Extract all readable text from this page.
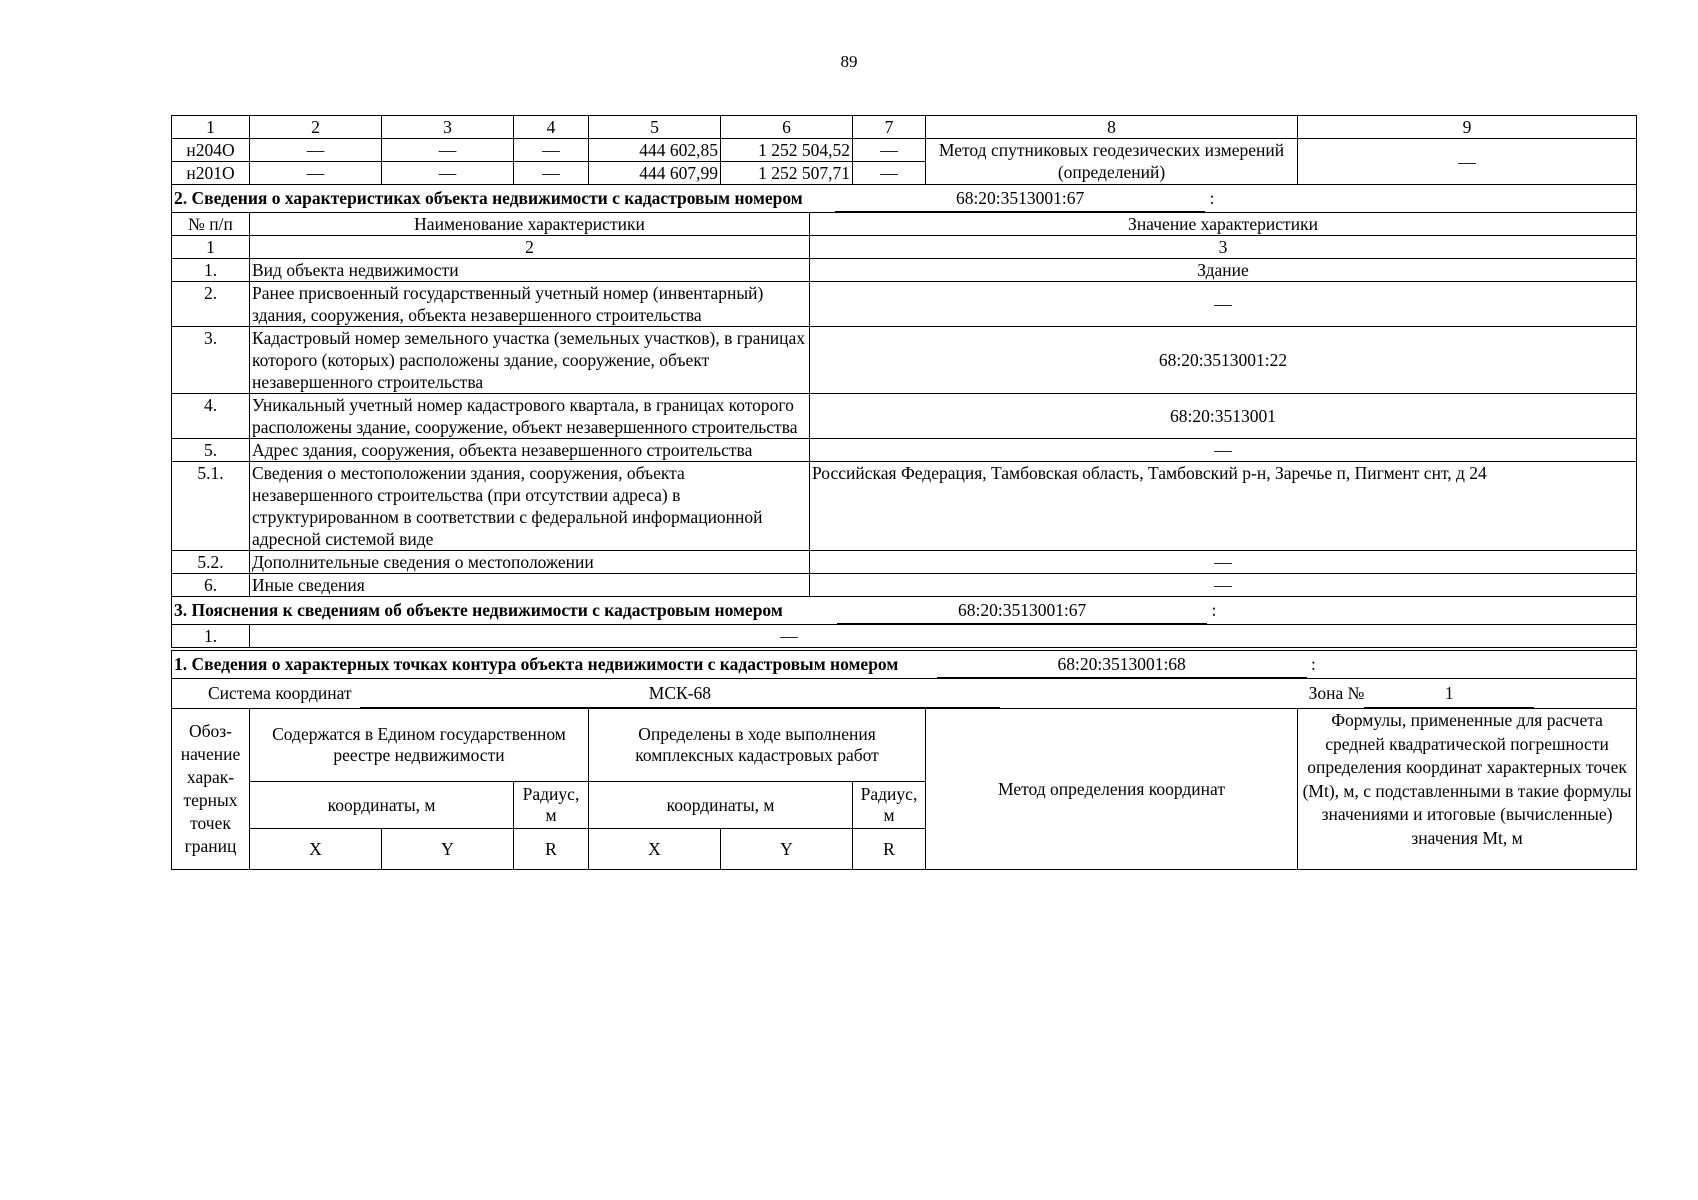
89
1	2	3	4	5	6	7	8	9
н204О	—	—	—	444 602,85	1 252 504,52	—	Метод спутниковых геодезических измерений (определений)	—
н201О	—	—	—	444 607,99	1 252 507,71	—		
2. Сведения о характеристиках объекта недвижимости с кадастровым номером 68:20:3513001:67 :		
№ п/п	Наименование характеристики	Значение характеристики
1	2	3
1.	Вид объекта недвижимости	Здание
2.	Ранее присвоенный государственный учетный номер (инвентарный) здания, сооружения, объекта незавершенного строительства	—
3.	Кадастровый номер земельного участка (земельных участков), в границах которого (которых) расположены здание, сооружение, объект незавершенного строительства	68:20:3513001:22
4.	Уникальный учетный номер кадастрового квартала, в границах которого расположены здание, сооружение, объект незавершенного строительства	68:20:3513001
5.	Адрес здания, сооружения, объекта незавершенного строительства	—
5.1.	Сведения о местоположении здания, сооружения, объекта незавершенного строительства (при отсутствии адреса) в структурированном в соответствии с федеральной информационной адресной системой виде	Российская Федерация, Тамбовская область, Тамбовский р-н, Заречье п, Пигмент снт, д 24
5.2.	Дополнительные сведения о местоположении	—
6.	Иные сведения	—
3. Пояснения к сведениям об объекте недвижимости с кадастровым номером 68:20:3513001:67 :		
1.	—	
1. Сведения о характерных точках контура объекта недвижимости с кадастровым номером 68:20:3513001:68 :								
Система координат МСК-68 Зона № 1								
Обоз-начение харак-терных точек границ	Содержатся в Едином государственном реестре недвижимости			Определены в ходе выполнения комплексных кадастровых работ			Метод определения координат	Формулы, примененные для расчета средней квадратической погрешности определения координат характерных точек (Mt), м, с подставленными в такие формулы значениями и итоговые (вычисленные) значения Mt, м
	координаты, м		Радиус, м	координаты, м		Радиус, м		
	X	Y	R	X	Y	R		
